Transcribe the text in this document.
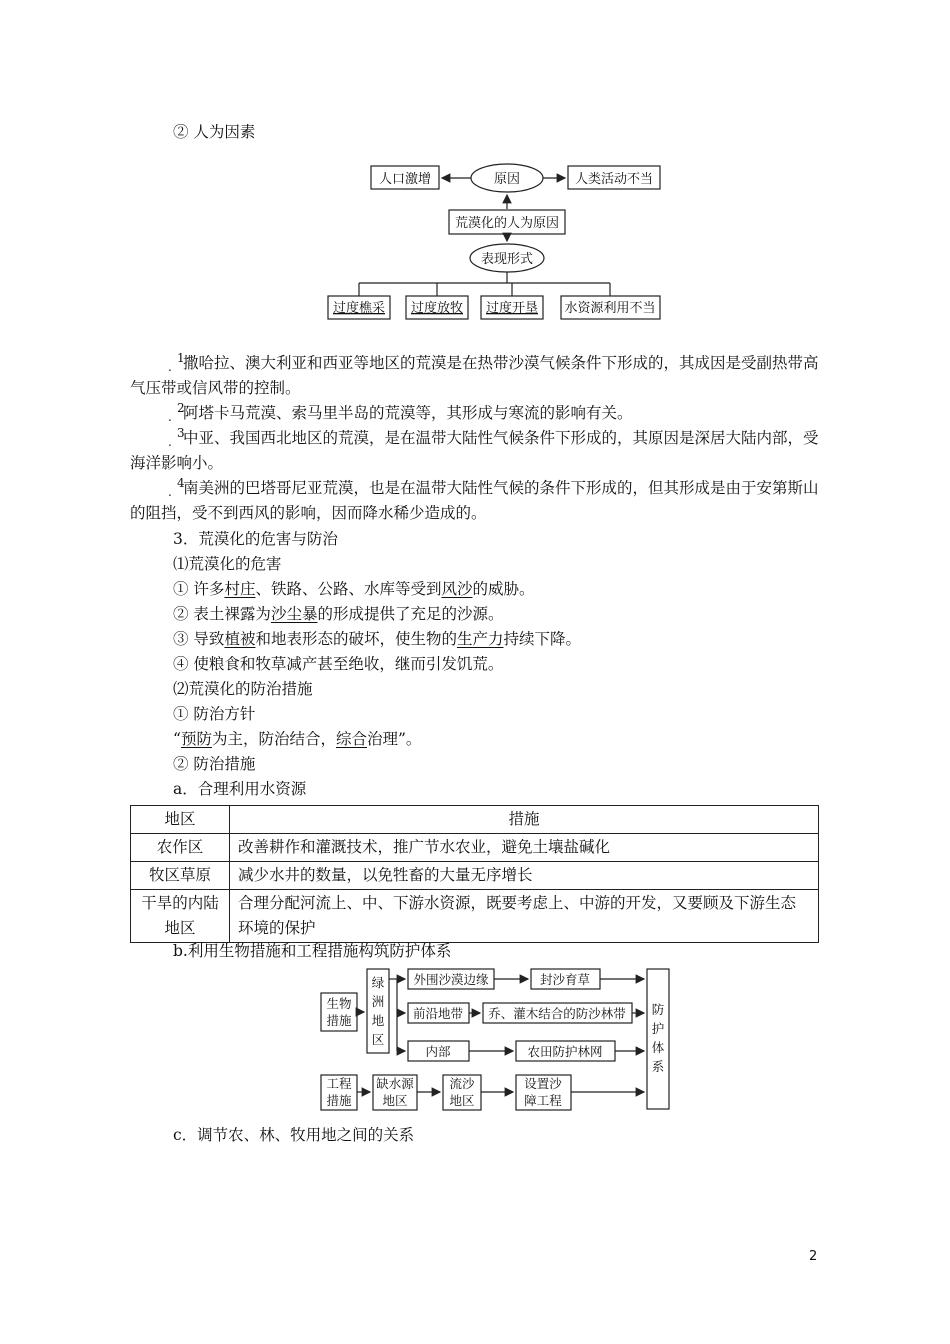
② 人为因素
原因
人口激增	人类活动不当
荒漠化的人为原因
表现形式
过度樵采 过度放牧 过度开垦 水资源利用不当
.
1
撒哈拉、澳大利亚和西亚等地区的荒漠是在热带沙漠气候条件下形成的，其成因是受副热带高气压带或信风带的控制。
.
2
阿塔卡马荒漠、索马里半岛的荒漠等，其形成与寒流的影响有关。
.
3
中亚、我国西北地区的荒漠，是在温带大陆性气候条件下形成的，其原因是深居大陆内部，受海洋影响小。
.
4
南美洲的巴塔哥尼亚荒漠，也是在温带大陆性气候的条件下形成的，但其形成是由于安第斯山的阻挡，受不到西风的影响，因而降水稀少造成的。
3．荒漠化的危害与防治
⑴荒漠化的危害
① 许多村庄、铁路、公路、水库等受到风沙的威胁。
② 表土裸露为沙尘暴的形成提供了充足的沙源。
③ 导致植被和地表形态的破坏，使生物的生产力持续下降。
④ 使粮食和牧草减产甚至绝收，继而引发饥荒。
⑵荒漠化的防治措施
① 防治方针
“预防为主，防治结合，综合治理”。
② 防治措施
a．合理利用水资源
地区	措施
农作区	改善耕作和灌溉技术，推广节水农业，避免土壤盐碱化
牧区草原	减少水井的数量，以免牲畜的大量无序增长
干旱的内陆地区	合理分配河流上、中、下游水资源，既要考虑上、中游的开发，又要顾及下游生态环境的保护
b.利用生物措施和工程措施构筑防护体系
生物
措施
绿
洲
地
区
外围沙漠边缘	封沙育草
前沿地带 乔、灌木结合的防沙林带
内部	农田防护林网
工程
措施
缺水源
地区
流沙
地区
设置沙
障工程
防
护
体
系
c．调节农、林、牧用地之间的关系
2
